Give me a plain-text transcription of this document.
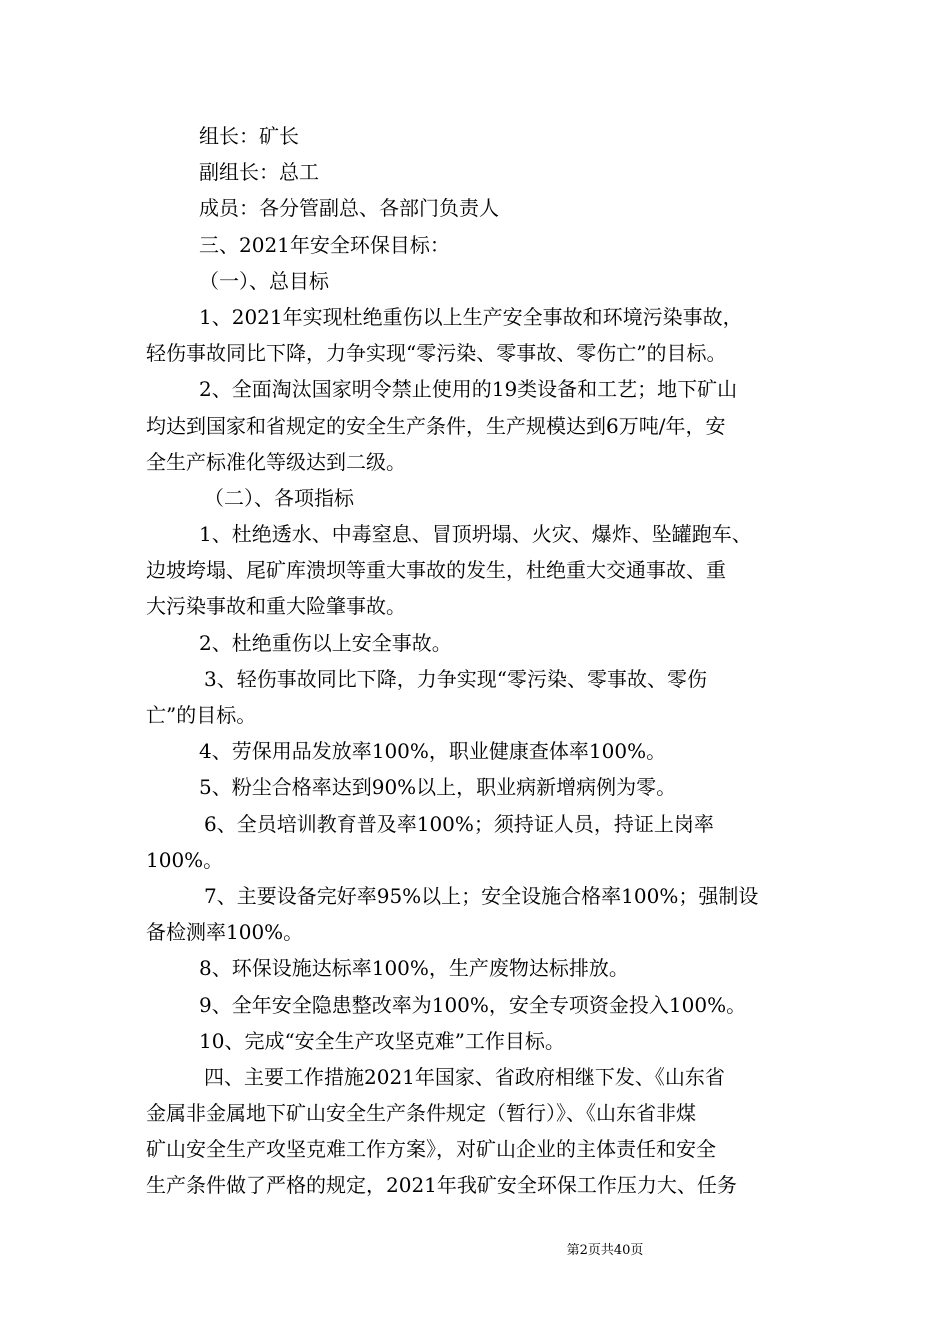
组长：矿长
副组长：总工
成员：各分管副总、各部门负责人
三、2021年安全环保目标：
（一）、总目标
1、2021年实现杜绝重伤以上生产安全事故和环境污染事故，
轻伤事故同比下降，力争实现“零污染、零事故、零伤亡”的目标。
2、全面淘汰国家明令禁止使用的19类设备和工艺；地下矿山
均达到国家和省规定的安全生产条件，生产规模达到6万吨/年，安
全生产标准化等级达到二级。
（二）、各项指标
1、杜绝透水、中毒窒息、冒顶坍塌、火灾、爆炸、坠罐跑车、
边坡垮塌、尾矿库溃坝等重大事故的发生，杜绝重大交通事故、重
大污染事故和重大险肇事故。
2、杜绝重伤以上安全事故。
3、轻伤事故同比下降，力争实现“零污染、零事故、零伤
亡”的目标。
4、劳保用品发放率100%，职业健康查体率100%。
5、粉尘合格率达到90%以上，职业病新增病例为零。
6、全员培训教育普及率100%；须持证人员，持证上岗率
100%。
7、主要设备完好率95%以上；安全设施合格率100%；强制设
备检测率100%。
8、环保设施达标率100%，生产废物达标排放。
9、全年安全隐患整改率为100%，安全专项资金投入100%。
10、完成“安全生产攻坚克难”工作目标。
四、主要工作措施2021年国家、省政府相继下发、《山东省
金属非金属地下矿山安全生产条件规定（暂行）》、《山东省非煤
矿山安全生产攻坚克难工作方案》，对矿山企业的主体责任和安全
生产条件做了严格的规定，2021年我矿安全环保工作压力大、任务
第2页共40页
